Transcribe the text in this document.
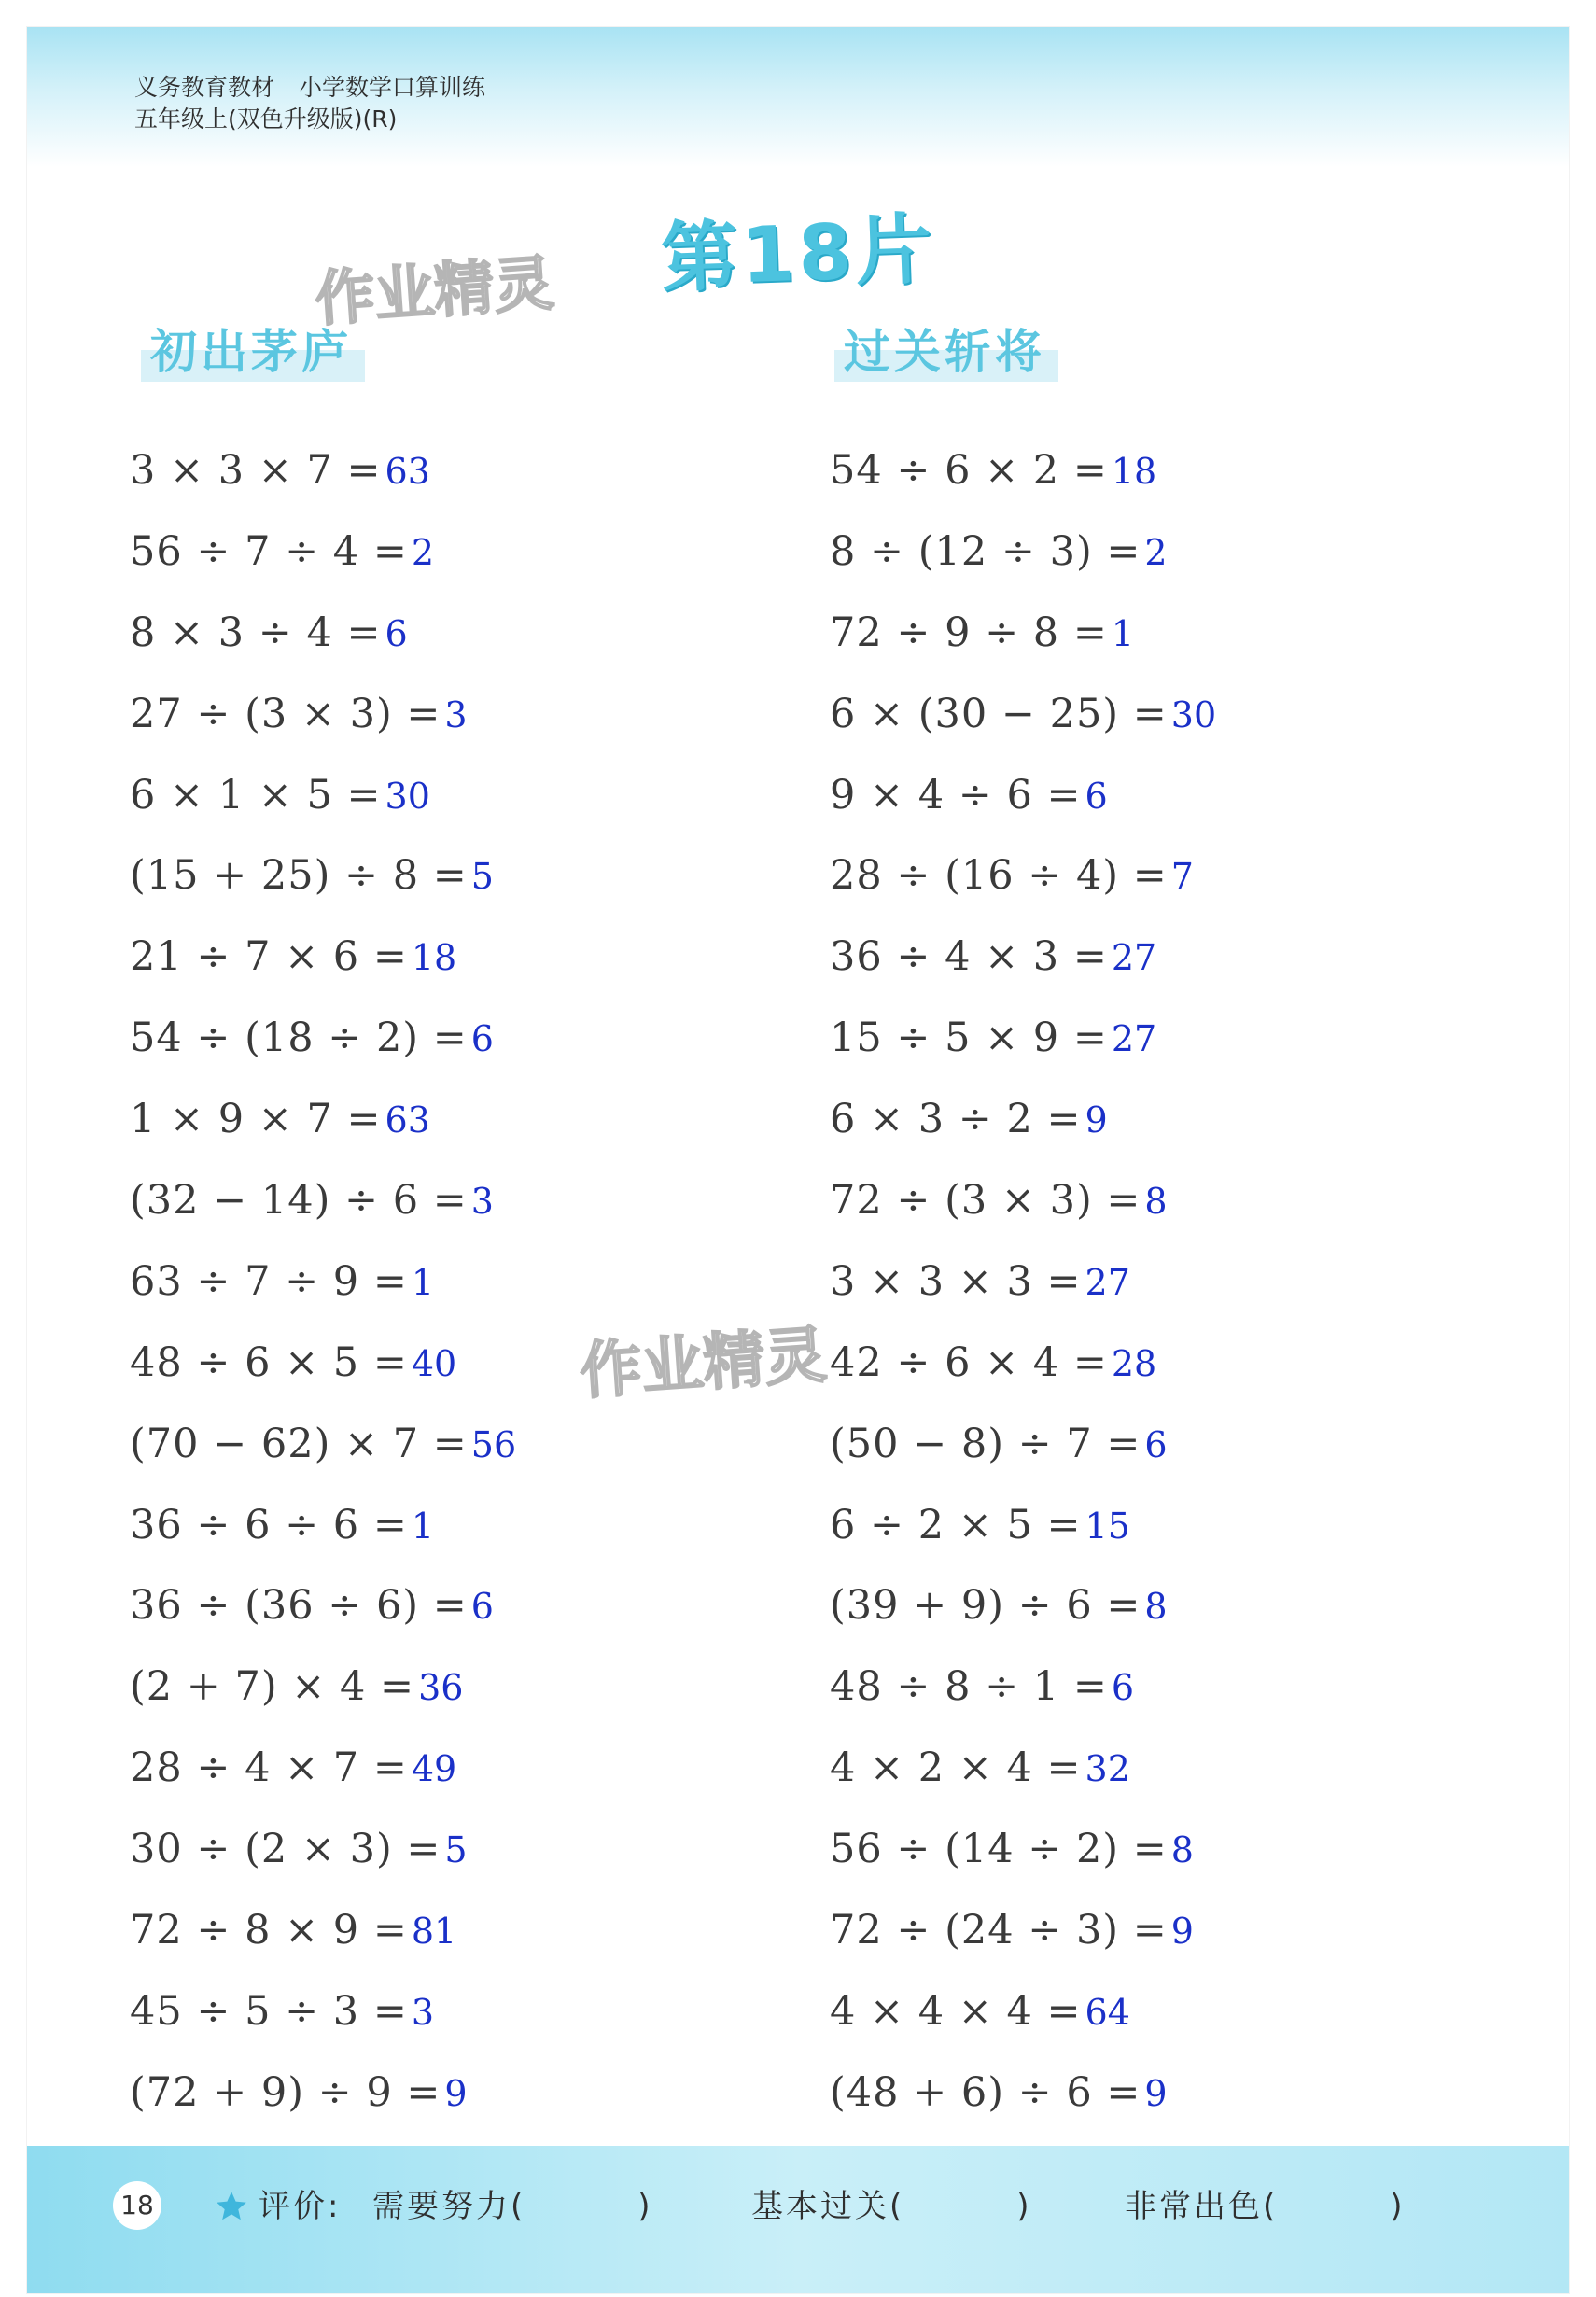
义务教育教材 小学数学口算训练
五年级上(双色升级版)(R)
第18片
作业精灵
初出茅庐	过关斩将
3 × 3 × 7 = 63
56 ÷ 7 ÷ 4 = 2
8 × 3 ÷ 4 = 6
27 ÷ (3 × 3) = 3
6 × 1 × 5 = 30
(15 + 25) ÷ 8 = 5
21 ÷ 7 × 6 = 18
54 ÷ (18 ÷ 2) = 6
1 × 9 × 7 = 63
(32 − 14) ÷ 6 = 3
63 ÷ 7 ÷ 9 = 1
48 ÷ 6 × 5 = 40
(70 − 62) × 7 = 56
36 ÷ 6 ÷ 6 = 1
36 ÷ (36 ÷ 6) = 6
(2 + 7) × 4 = 36
28 ÷ 4 × 7 = 49
30 ÷ (2 × 3) = 5
72 ÷ 8 × 9 = 81
45 ÷ 5 ÷ 3 = 3
(72 + 9) ÷ 9 = 9
54 ÷ 6 × 2 = 18
8 ÷ (12 ÷ 3) = 2
72 ÷ 9 ÷ 8 = 1
6 × (30 − 25) = 30
9 × 4 ÷ 6 = 6
28 ÷ (16 ÷ 4) = 7
36 ÷ 4 × 3 = 27
15 ÷ 5 × 9 = 27
6 × 3 ÷ 2 = 9
72 ÷ (3 × 3) = 8
3 × 3 × 3 = 27
42 ÷ 6 × 4 = 28
(50 − 8) ÷ 7 = 6
6 ÷ 2 × 5 = 15
(39 + 9) ÷ 6 = 8
48 ÷ 8 ÷ 1 = 6
4 × 2 × 4 = 32
56 ÷ (14 ÷ 2) = 8
72 ÷ (24 ÷ 3) = 9
4 × 4 × 4 = 64
(48 + 6) ÷ 6 = 9
作业精灵
18	评价: 需要努力(	)	基本过关(	)	非常出色(	)
